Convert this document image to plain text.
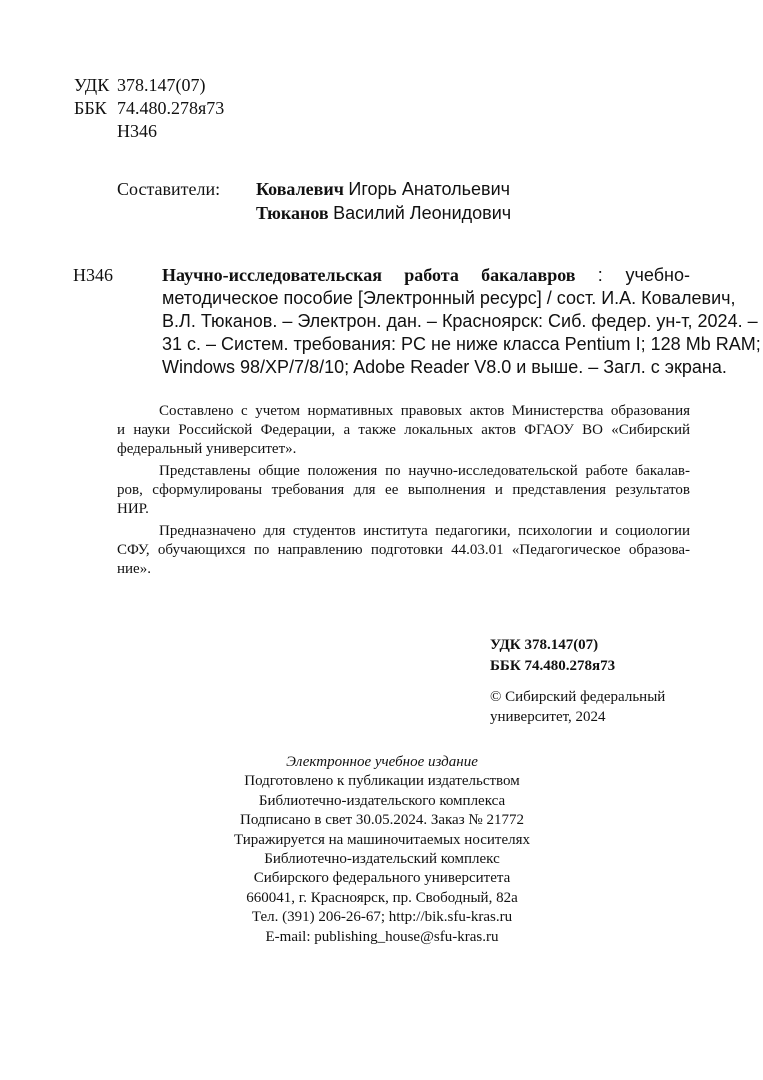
УДК 378.147(07)
ББК 74.480.278я73
Н346
Составители: Ковалевич Игорь Анатольевич
Тюканов Василий Леонидович
Н346	Научно-исследовательская работа бакалавров : учебно-
методическое пособие [Электронный ресурс] / сост. И.А. Ковалевич,
В.Л. Тюканов. – Электрон. дан. – Красноярск: Сиб. федер. ун-т, 2024. –
31 с. – Систем. требования: PC не ниже класса Pentium I; 128 Mb RAM;
Windows 98/XP/7/8/10; Adobe Reader V8.0 и выше. – Загл. с экрана.
Составлено с учетом нормативных правовых актов Министерства образования
и науки Российской Федерации, а также локальных актов ФГАОУ ВО «Сибирский
федеральный университет».
Представлены общие положения по научно-исследовательской работе бакалав-
ров, сформулированы требования для ее выполнения и представления результатов
НИР.
Предназначено для студентов института педагогики, психологии и социологии
СФУ, обучающихся по направлению подготовки 44.03.01 «Педагогическое образова-
ние».
УДК 378.147(07)
ББК 74.480.278я73
© Сибирский федеральный
университет, 2024
Электронное учебное издание
Подготовлено к публикации издательством
Библиотечно-издательского комплекса
Подписано в свет 30.05.2024. Заказ № 21772
Тиражируется на машиночитаемых носителях
Библиотечно-издательский комплекс
Сибирского федерального университета
660041, г. Красноярск, пр. Свободный, 82а
Тел. (391) 206-26-67; http://bik.sfu-kras.ru
E-mail: publishing_house@sfu-kras.ru
